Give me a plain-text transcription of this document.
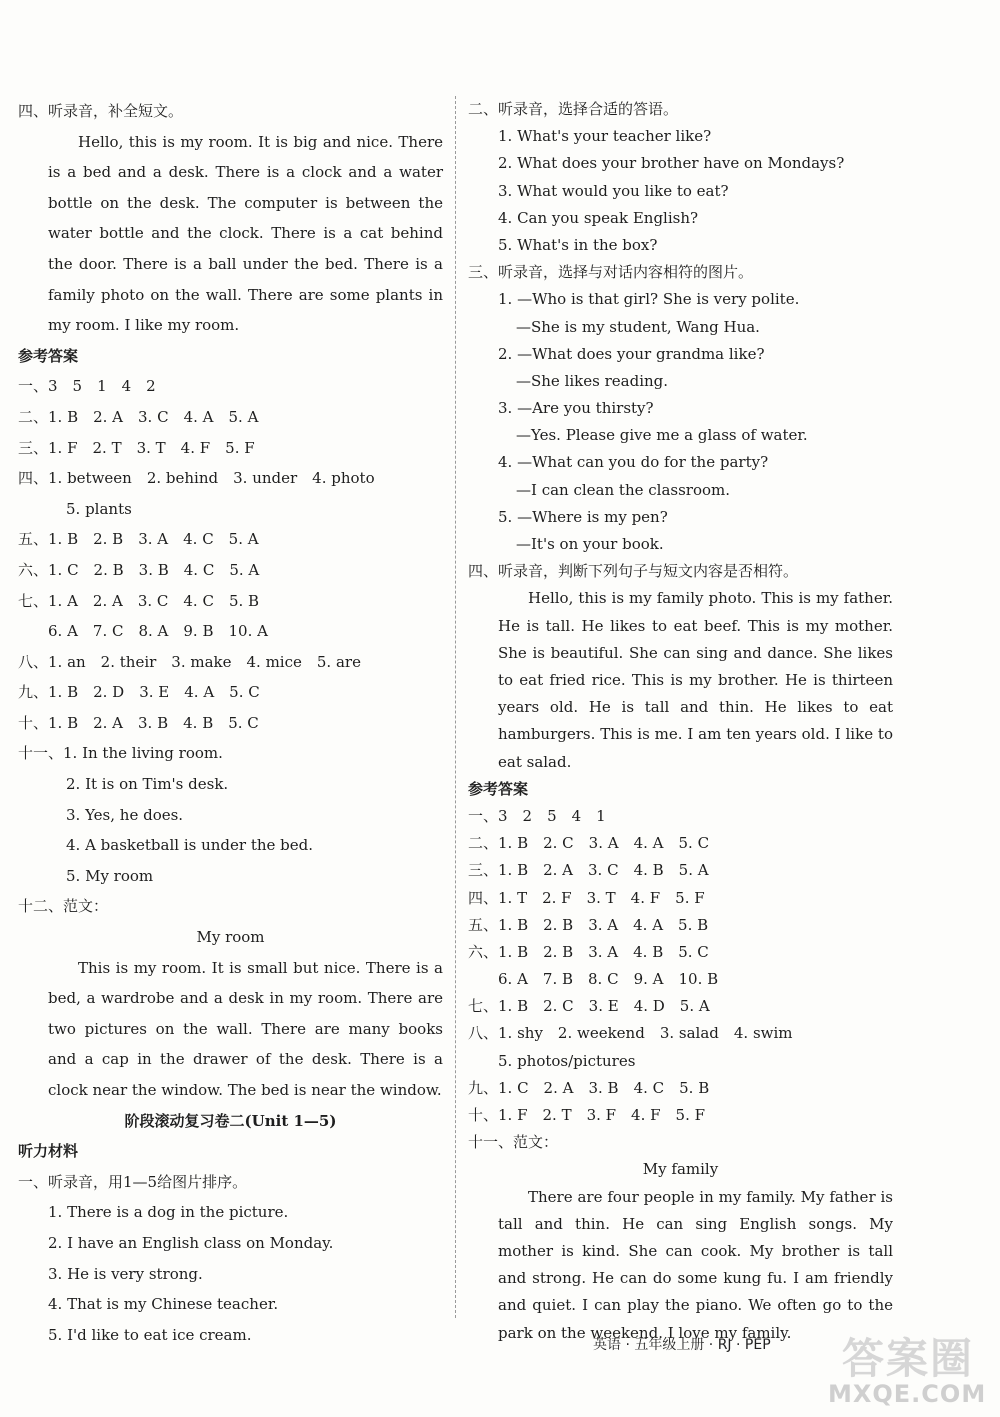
四、听录音，补全短文。

Hello, this is my room. It is big and nice. There is a bed and a desk. There is a clock and a water bottle on the desk. The computer is between the water bottle and the clock. There is a cat behind the door. There is a ball under the bed. There is a family photo on the wall. There are some plants in my room. I like my room.

参考答案
一、3　5　1　4　2
二、1. B　2. A　3. C　4. A　5. A
三、1. F　2. T　3. T　4. F　5. F
四、1. between　2. behind　3. under　4. photo
5. plants
五、1. B　2. B　3. A　4. C　5. A
六、1. C　2. B　3. B　4. C　5. A
七、1. A　2. A　3. C　4. C　5. B
6. A　7. C　8. A　9. B　10. A
八、1. an　2. their　3. make　4. mice　5. are
九、1. B　2. D　3. E　4. A　5. C
十、1. B　2. A　3. B　4. B　5. C
十一、1. In the living room.
2. It is on Tim's desk.
3. Yes, he does.
4. A basketball is under the bed.
5. My room
十二、范文：
My room

This is my room. It is small but nice. There is a bed, a wardrobe and a desk in my room. There are two pictures on the wall. There are many books and a cap in the drawer of the desk. There is a clock near the window. The bed is near the window.

阶段滚动复习卷二(Unit 1—5)
听力材料
一、听录音，用1—5给图片排序。
1. There is a dog in the picture.
2. I have an English class on Monday.
3. He is very strong.
4. That is my Chinese teacher.
5. I'd like to eat ice cream.
二、听录音，选择合适的答语。
1. What's your teacher like?
2. What does your brother have on Mondays?
3. What would you like to eat?
4. Can you speak English?
5. What's in the box?
三、听录音，选择与对话内容相符的图片。
1. —Who is that girl? She is very polite.
—She is my student, Wang Hua.
2. —What does your grandma like?
—She likes reading.
3. —Are you thirsty?
—Yes. Please give me a glass of water.
4. —What can you do for the party?
—I can clean the classroom.
5. —Where is my pen?
—It's on your book.
四、听录音，判断下列句子与短文内容是否相符。

Hello, this is my family photo. This is my father. He is tall. He likes to eat beef. This is my mother. She is beautiful. She can sing and dance. She likes to eat fried rice. This is my brother. He is thirteen years old. He is tall and thin. He likes to eat hamburgers. This is me. I am ten years old. I like to eat salad.

参考答案
一、3　2　5　4　1
二、1. B　2. C　3. A　4. A　5. C
三、1. B　2. A　3. C　4. B　5. A
四、1. T　2. F　3. T　4. F　5. F
五、1. B　2. B　3. A　4. A　5. B
六、1. B　2. B　3. A　4. B　5. C
6. A　7. B　8. C　9. A　10. B
七、1. B　2. C　3. E　4. D　5. A
八、1. shy　2. weekend　3. salad　4. swim
5. photos/pictures
九、1. C　2. A　3. B　4. C　5. B
十、1. F　2. T　3. F　4. F　5. F
十一、范文：
My family

There are four people in my family. My father is tall and thin. He can sing English songs. My mother is kind. She can cook. My brother is tall and strong. He can do some kung fu. I am friendly and quiet. I can play the piano. We often go to the park on the weekend. I love my family.

英语 · 五年级上册 · RJ · PEP 答案圈
MXQE.COM
